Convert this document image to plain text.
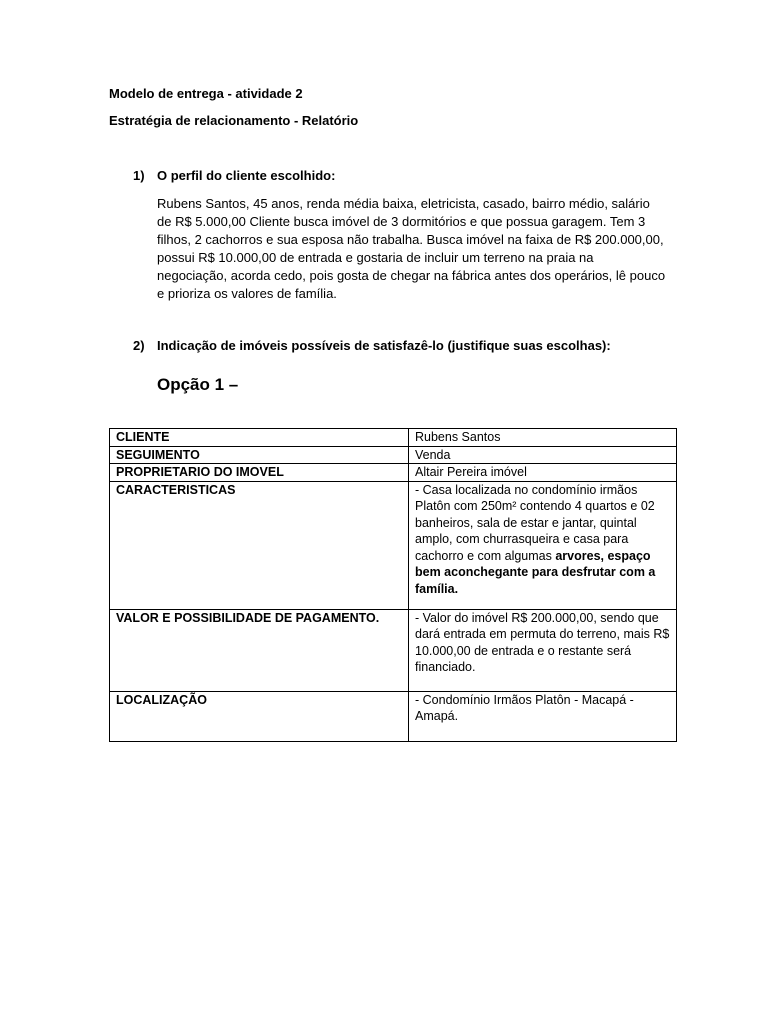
Modelo de entrega - atividade 2
Estratégia de relacionamento - Relatório
1) O perfil do cliente escolhido:

Rubens Santos, 45 anos, renda média baixa, eletricista, casado, bairro médio, salário de R$ 5.000,00 Cliente busca imóvel de 3 dormitórios e que possua garagem. Tem 3 filhos, 2 cachorros e sua esposa não trabalha. Busca imóvel na faixa de R$ 200.000,00, possui R$ 10.000,00 de entrada e gostaria de incluir um terreno na praia na negociação, acorda cedo, pois gosta de chegar na fábrica antes dos operários, lê pouco e prioriza os valores de família.

2) Indicação de imóveis possíveis de satisfazê-lo (justifique suas escolhas):
Opção 1 –
CLIENTE	Rubens Santos
SEGUIMENTO	Venda
PROPRIETARIO DO IMOVEL	Altair Pereira imóvel
CARACTERISTICAS	- Casa localizada no condomínio irmãos Platôn com 250m² contendo 4 quartos e 02 banheiros, sala de estar e jantar, quintal amplo, com churrasqueira e casa para cachorro e com algumas arvores, espaço bem aconchegante para desfrutar com a família.
VALOR E POSSIBILIDADE DE PAGAMENTO.	- Valor do imóvel R$ 200.000,00, sendo que dará entrada em permuta do terreno, mais R$ 10.000,00 de entrada e o restante será financiado.
LOCALIZAÇÃO	- Condomínio Irmãos Platôn - Macapá - Amapá.
